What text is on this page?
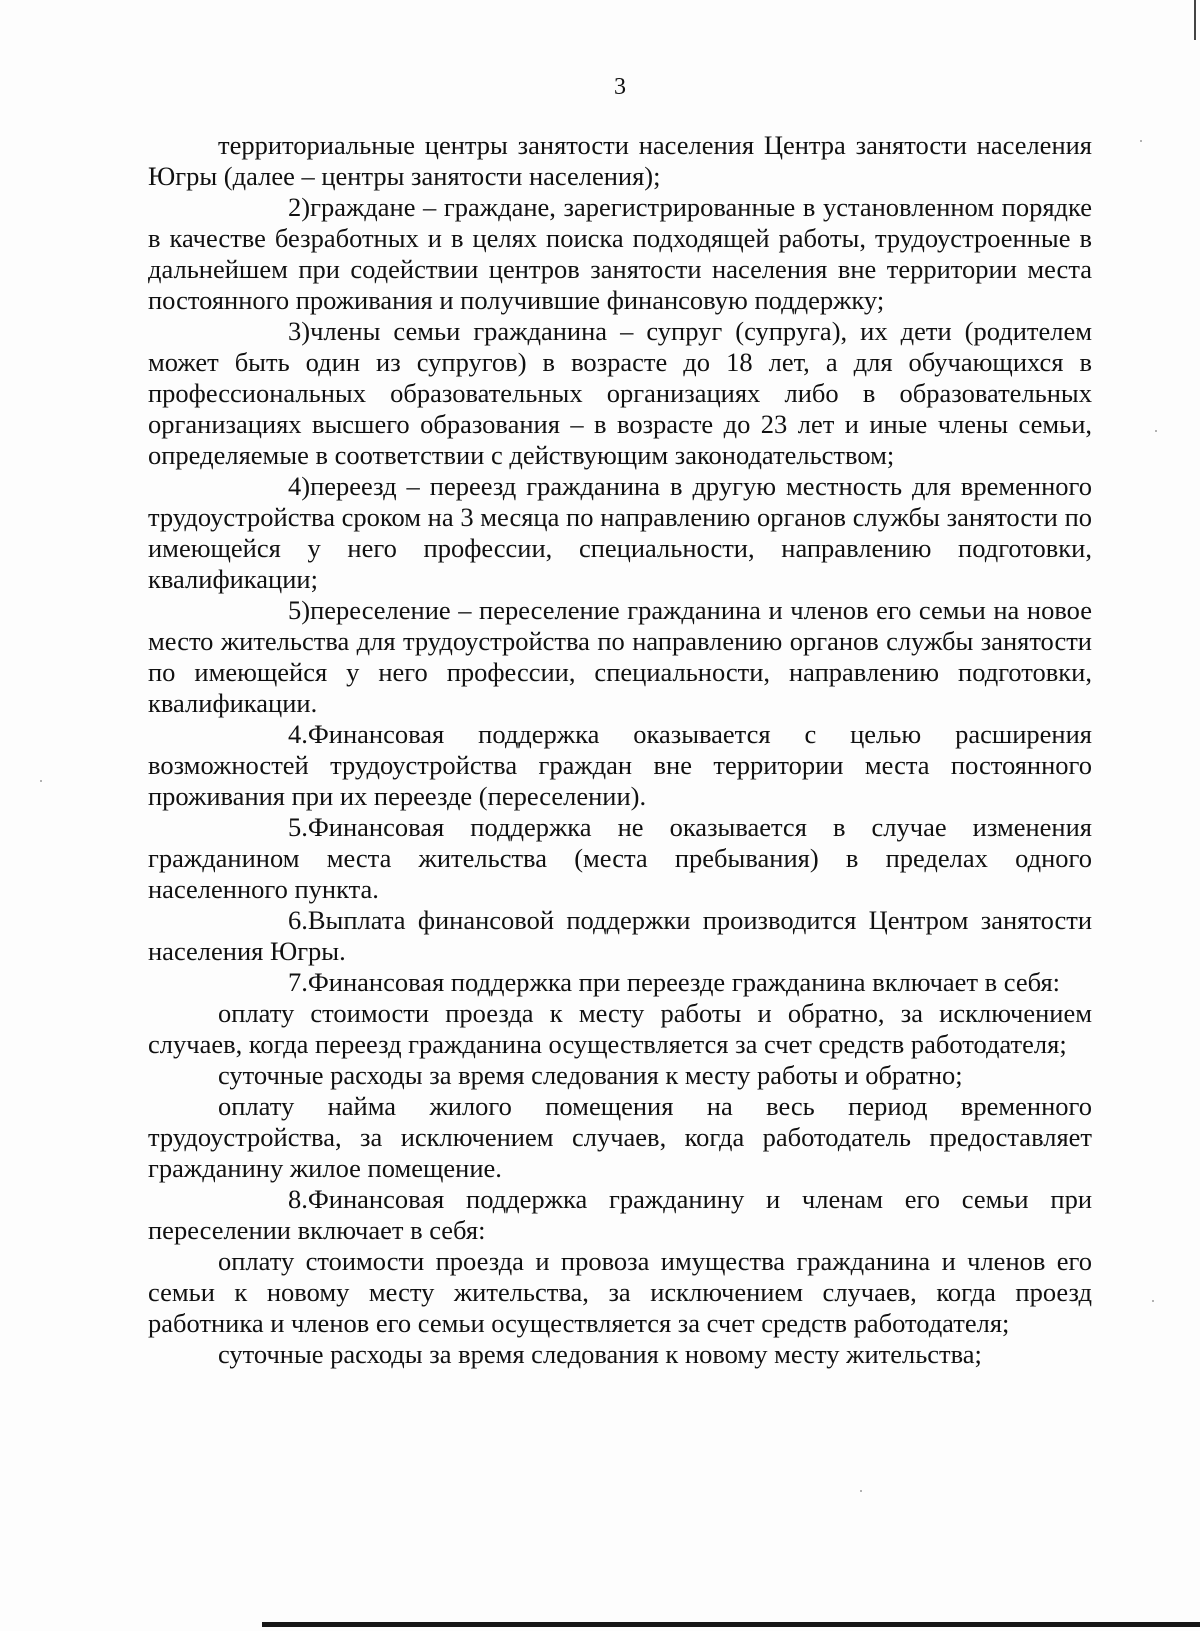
3

территориальные центры занятости населения Центра занятости населения Югры (далее – центры занятости населения);

2)граждане – граждане, зарегистрированные в установленном порядке в качестве безработных и в целях поиска подходящей работы, трудоустроенные в дальнейшем при содействии центров занятости населения вне территории места постоянного проживания и получившие финансовую поддержку;

3)члены семьи гражданина – супруг (супруга), их дети (родителем может быть один из супругов) в возрасте до 18 лет, а для обучающихся в профессиональных образовательных организациях либо в образовательных организациях высшего образования – в возрасте до 23 лет и иные члены семьи, определяемые в соответствии с действующим законодательством;

4)переезд – переезд гражданина в другую местность для временного трудоустройства сроком на 3 месяца по направлению органов службы занятости по имеющейся у него профессии, специальности, направлению подготовки, квалификации;

5)переселение – переселение гражданина и членов его семьи на новое место жительства для трудоустройства по направлению органов службы занятости по имеющейся у него профессии, специальности, направлению подготовки, квалификации.

4.Финансовая поддержка оказывается с целью расширения возможностей трудоустройства граждан вне территории места постоянного проживания при их переезде (переселении).

5.Финансовая поддержка не оказывается в случае изменения гражданином места жительства (места пребывания) в пределах одного населенного пункта.

6.Выплата финансовой поддержки производится Центром занятости населения Югры.

7.Финансовая поддержка при переезде гражданина включает в себя:

оплату стоимости проезда к месту работы и обратно, за исключением случаев, когда переезд гражданина осуществляется за счет средств работодателя;

суточные расходы за время следования к месту работы и обратно;

оплату найма жилого помещения на весь период временного трудоустройства, за исключением случаев, когда работодатель предоставляет гражданину жилое помещение.

8.Финансовая поддержка гражданину и членам его семьи при переселении включает в себя:

оплату стоимости проезда и провоза имущества гражданина и членов его семьи к новому месту жительства, за исключением случаев, когда проезд работника и членов его семьи осуществляется за счет средств работодателя;

суточные расходы за время следования к новому месту жительства;
